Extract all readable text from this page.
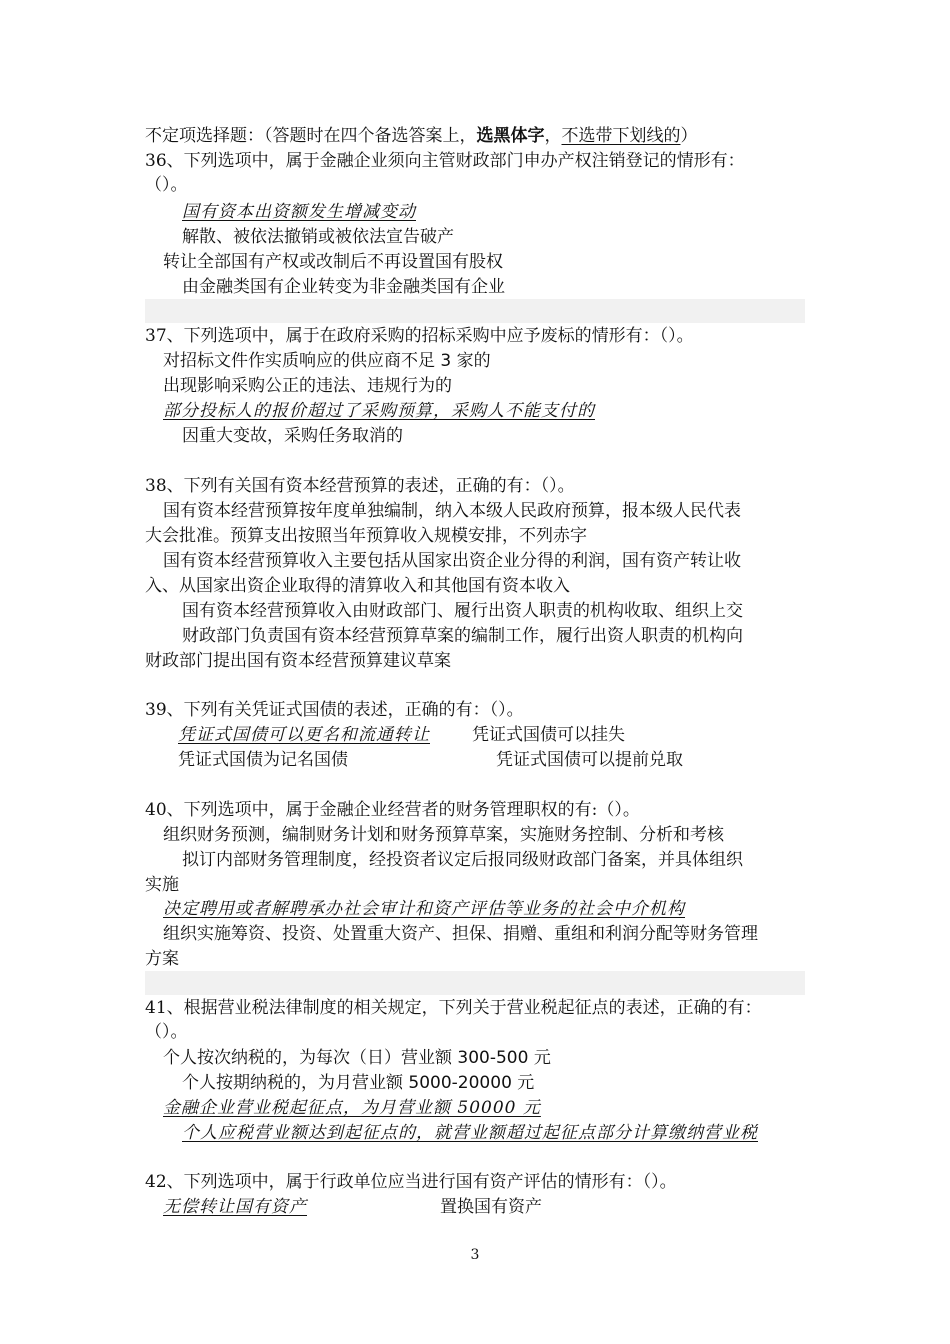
不定项选择题：（答题时在四个备选答案上，选黑体字，不选带下划线的）
36、下列选项中，属于金融企业须向主管财政部门申办产权注销登记的情形有：
（）。
国有资本出资额发生增减变动
解散、被依法撤销或被依法宣告破产
转让全部国有产权或改制后不再设置国有股权
由金融类国有企业转变为非金融类国有企业
37、下列选项中，属于在政府采购的招标采购中应予废标的情形有：（）。
对招标文件作实质响应的供应商不足 3 家的
出现影响采购公正的违法、违规行为的
部分投标人的报价超过了采购预算，采购人不能支付的
因重大变故，采购任务取消的
38、下列有关国有资本经营预算的表述，正确的有：（）。
国有资本经营预算按年度单独编制，纳入本级人民政府预算，报本级人民代表
大会批准。预算支出按照当年预算收入规模安排，不列赤字
国有资本经营预算收入主要包括从国家出资企业分得的利润，国有资产转让收
入、从国家出资企业取得的清算收入和其他国有资本收入
国有资本经营预算收入由财政部门、履行出资人职责的机构收取、组织上交
财政部门负责国有资本经营预算草案的编制工作，履行出资人职责的机构向
财政部门提出国有资本经营预算建议草案
39、下列有关凭证式国债的表述，正确的有：（）。
凭证式国债可以更名和流通转让 凭证式国债可以挂失
凭证式国债为记名国债	凭证式国债可以提前兑取
40、下列选项中，属于金融企业经营者的财务管理职权的有:（）。
组织财务预测，编制财务计划和财务预算草案，实施财务控制、分析和考核
拟订内部财务管理制度，经投资者议定后报同级财政部门备案，并具体组织
实施
决定聘用或者解聘承办社会审计和资产评估等业务的社会中介机构
组织实施筹资、投资、处置重大资产、担保、捐赠、重组和利润分配等财务管理
方案
41、根据营业税法律制度的相关规定，下列关于营业税起征点的表述，正确的有：
（）。
个人按次纳税的，为每次（日）营业额 300-500 元
个人按期纳税的，为月营业额 5000-20000 元
金融企业营业税起征点，为月营业额 50000 元
个人应税营业额达到起征点的，就营业额超过起征点部分计算缴纳营业税
42、下列选项中，属于行政单位应当进行国有资产评估的情形有：（）。
无偿转让国有资产	置换国有资产
3
